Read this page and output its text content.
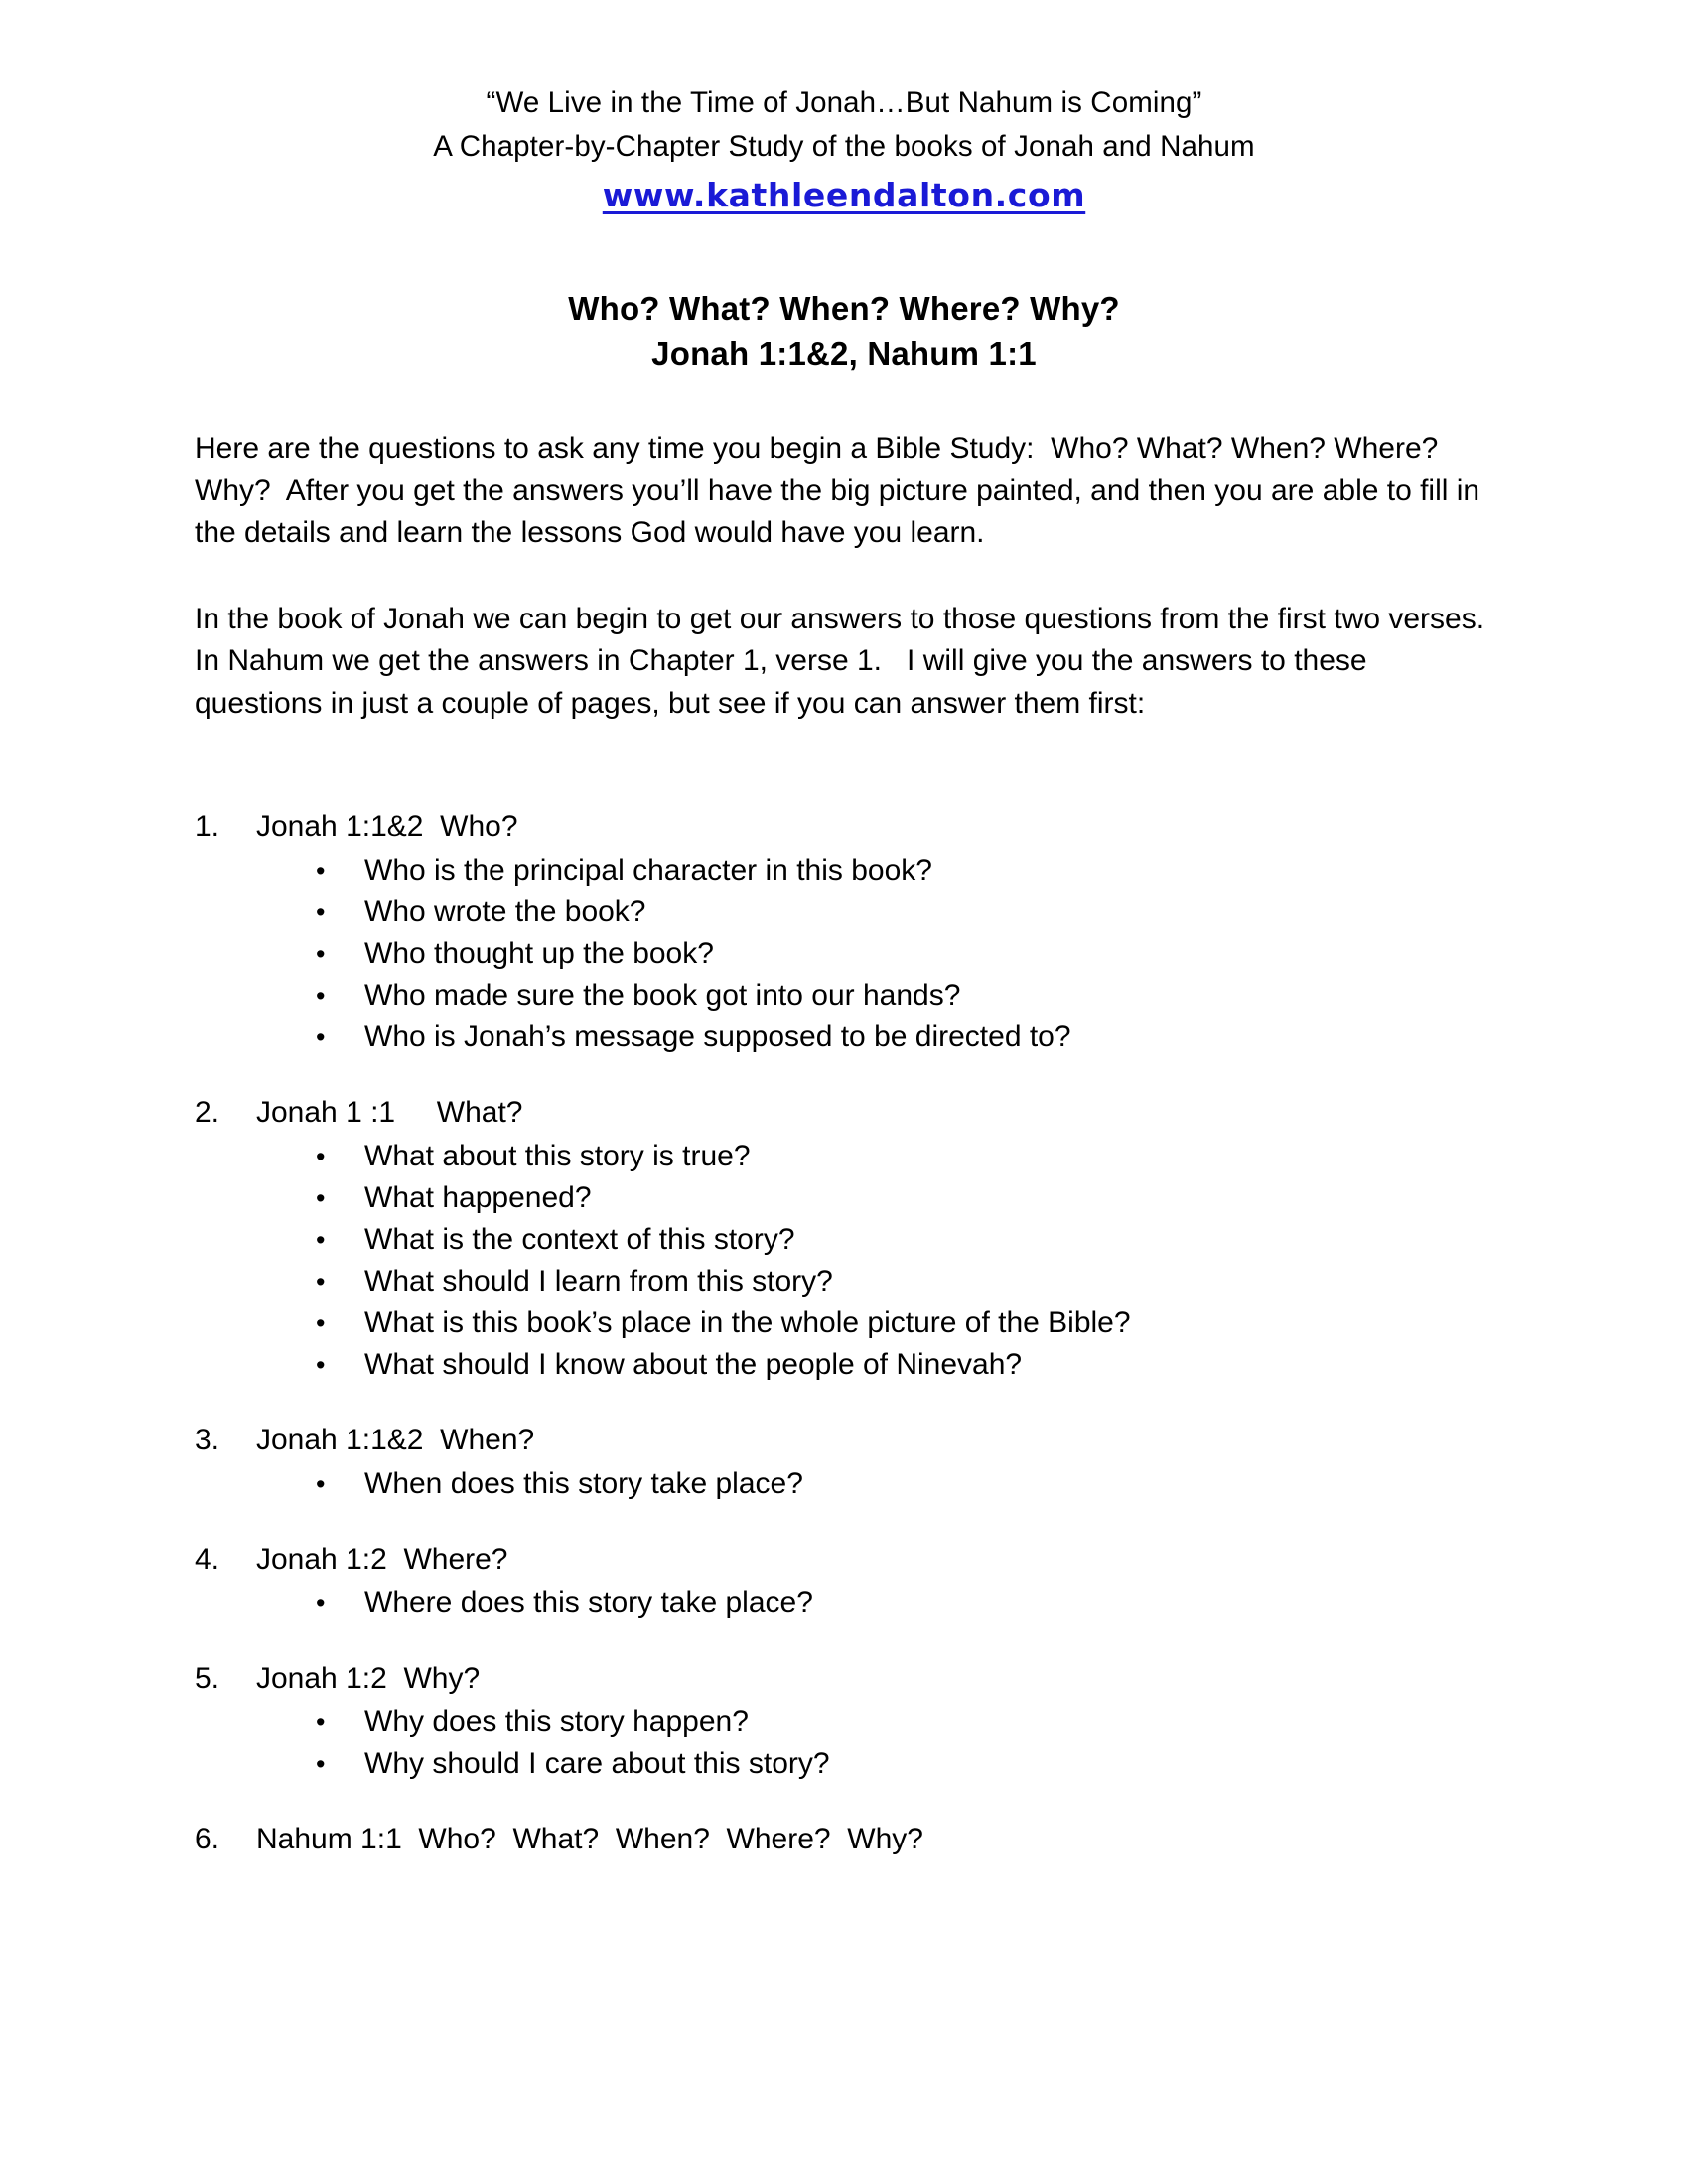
“We Live in the Time of Jonah…But Nahum is Coming”
A Chapter-by-Chapter Study of the books of Jonah and Nahum
www.kathleendalton.com
Who? What? When? Where? Why?
Jonah 1:1&2, Nahum 1:1
Here are the questions to ask any time you begin a Bible Study:  Who? What? When? Where? Why?  After you get the answers you’ll have the big picture painted, and then you are able to fill in the details and learn the lessons God would have you learn.
In the book of Jonah we can begin to get our answers to those questions from the first two verses.  In Nahum we get the answers in Chapter 1, verse 1.   I will give you the answers to these questions in just a couple of pages, but see if you can answer them first:
1.	Jonah 1:1&2  Who?
•	Who is the principal character in this book?
•	Who wrote the book?
•	Who thought up the book?
•	Who made sure the book got into our hands?
•	Who is Jonah’s message supposed to be directed to?
2.	Jonah 1 :1     What?
•	What about this story is true?
•	What happened?
•	What is the context of this story?
•	What should I learn from this story?
•	What is this book’s place in the whole picture of the Bible?
•	What should I know about the people of Ninevah?
3.	Jonah 1:1&2  When?
•	When does this story take place?
4.	Jonah 1:2  Where?
•	Where does this story take place?
5.	Jonah 1:2  Why?
•	Why does this story happen?
•	Why should I care about this story?
6.	Nahum 1:1  Who?  What?  When?  Where?  Why?
